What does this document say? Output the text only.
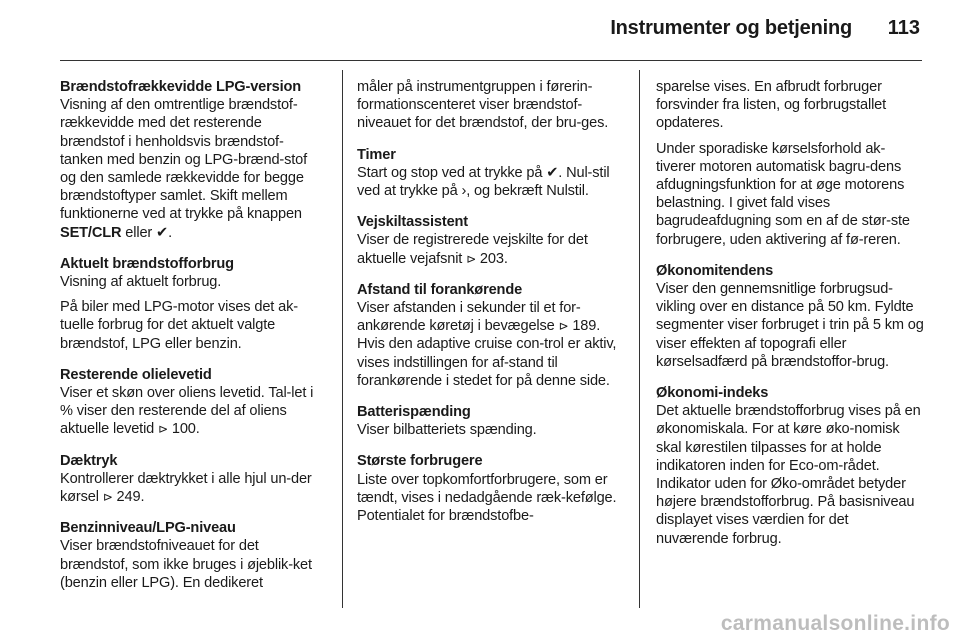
Instrumenter og betjening 113
Brændstofrækkevidde LPG-version
Visning af den omtrentlige brændstof-rækkevidde med det resterende brændstof i henholdsvis brændstof-tanken med benzin og LPG-brænd-stof og den samlede rækkevidde for begge brændstoftyper samlet. Skift mellem funktionerne ved at trykke på knappen SET/CLR eller ✔.
Aktuelt brændstofforbrug
Visning af aktuelt forbrug.
På biler med LPG-motor vises det ak-tuelle forbrug for det aktuelt valgte brændstof, LPG eller benzin.
Resterende olielevetid
Viser et skøn over oliens levetid. Tal-let i % viser den resterende del af oliens aktuelle levetid ⊳ 100.
Dæktryk
Kontrollerer dæktrykket i alle hjul un-der kørsel ⊳ 249.
Benzinniveau/LPG-niveau
Viser brændstofniveauet for det brændstof, som ikke bruges i øjeblik-ket (benzin eller LPG). En dedikeret
måler på instrumentgruppen i førerin-formationscenteret viser brændstof-niveauet for det brændstof, der bru-ges.
Timer
Start og stop ved at trykke på ✔. Nul-stil ved at trykke på ›, og bekræft Nulstil.
Vejskiltassistent
Viser de registrerede vejskilte for det aktuelle vejafsnit ⊳ 203.
Afstand til forankørende
Viser afstanden i sekunder til et for-ankørende køretøj i bevægelse ⊳ 189. Hvis den adaptive cruise con-trol er aktiv, vises indstillingen for af-stand til forankørende i stedet for på denne side.
Batterispænding
Viser bilbatteriets spænding.
Største forbrugere
Liste over topkomfortforbrugere, som er tændt, vises i nedadgående ræk-kefølge. Potentialet for brændstofbe-
sparelse vises. En afbrudt forbruger forsvinder fra listen, og forbrugstallet opdateres.
Under sporadiske kørselsforhold ak-tiverer motoren automatisk bagru-dens afdugningsfunktion for at øge motorens belastning. I givet fald vises bagrudeafdugning som en af de stør-ste forbrugere, uden aktivering af fø-reren.
Økonomitendens
Viser den gennemsnitlige forbrugsud-vikling over en distance på 50 km. Fyldte segmenter viser forbruget i trin på 5 km og viser effekten af topografi eller kørselsadfærd på brændstoffor-brug.
Økonomi-indeks
Det aktuelle brændstofforbrug vises på en økonomiskala. For at køre øko-nomisk skal kørestilen tilpasses for at holde indikatoren inden for Eco-om-rådet. Indikator uden for Øko-området betyder højere brændstofforbrug. På basisniveau displayet vises værdien for det nuværende forbrug.
carmanualsonline.info
